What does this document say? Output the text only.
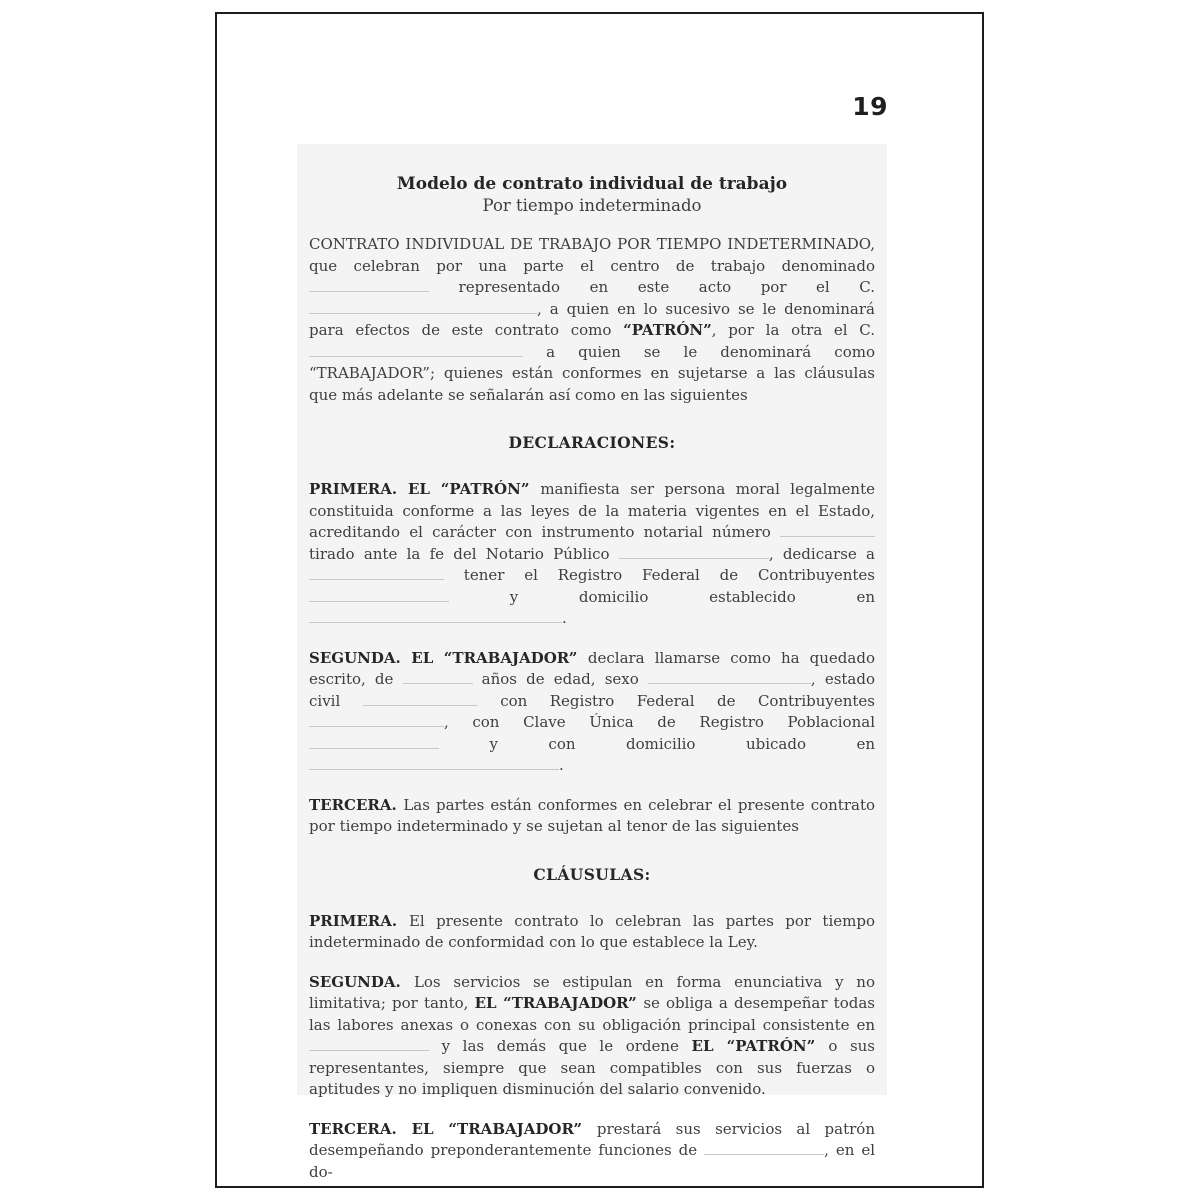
19
Modelo de contrato individual de trabajo
Por tiempo indeterminado

CONTRATO INDIVIDUAL DE TRABAJO POR TIEMPO INDETERMINADO, que celebran por una parte el centro de trabajo denominado  representado en este acto por el C. , a quien en lo sucesivo se le denominará para efectos de este contrato como “PATRÓN”, por la otra el C.  a quien se le denominará como “TRABAJADOR”; quienes están conformes en sujetarse a las cláusulas que más adelante se señalarán así como en las siguientes

DECLARACIONES:

PRIMERA. EL “PATRÓN” manifiesta ser persona moral legalmente constituida conforme a las leyes de la materia vigentes en el Estado, acreditando el carácter con instrumento notarial número  tirado ante la fe del Notario Público	, dedicarse a  tener el Registro Federal de Contribuyentes  y domicilio establecido en .

SEGUNDA. EL “TRABAJADOR” declara llamarse como ha quedado escrito, de	años de edad, sexo	, estado civil	con Registro Federal de Contribuyentes , con Clave Única de Registro Poblacional  y con domicilio ubicado en .

TERCERA. Las partes están conformes en celebrar el presente contrato por tiempo indeterminado y se sujetan al tenor de las siguientes

CLÁUSULAS:

PRIMERA. El presente contrato lo celebran las partes por tiempo indeterminado de conformidad con lo que establece la Ley.

SEGUNDA. Los servicios se estipulan en forma enunciativa y no limitativa; por tanto, EL “TRABAJADOR” se obliga a desempeñar todas las labores anexas o conexas con su obligación principal consistente en  y las demás que le ordene EL “PATRÓN” o sus representantes, siempre que sean compatibles con sus fuerzas o aptitudes y no impliquen disminución del salario convenido.

TERCERA. EL “TRABAJADOR” prestará sus servicios al patrón desempeñando preponderantemente funciones de	, en el do-
